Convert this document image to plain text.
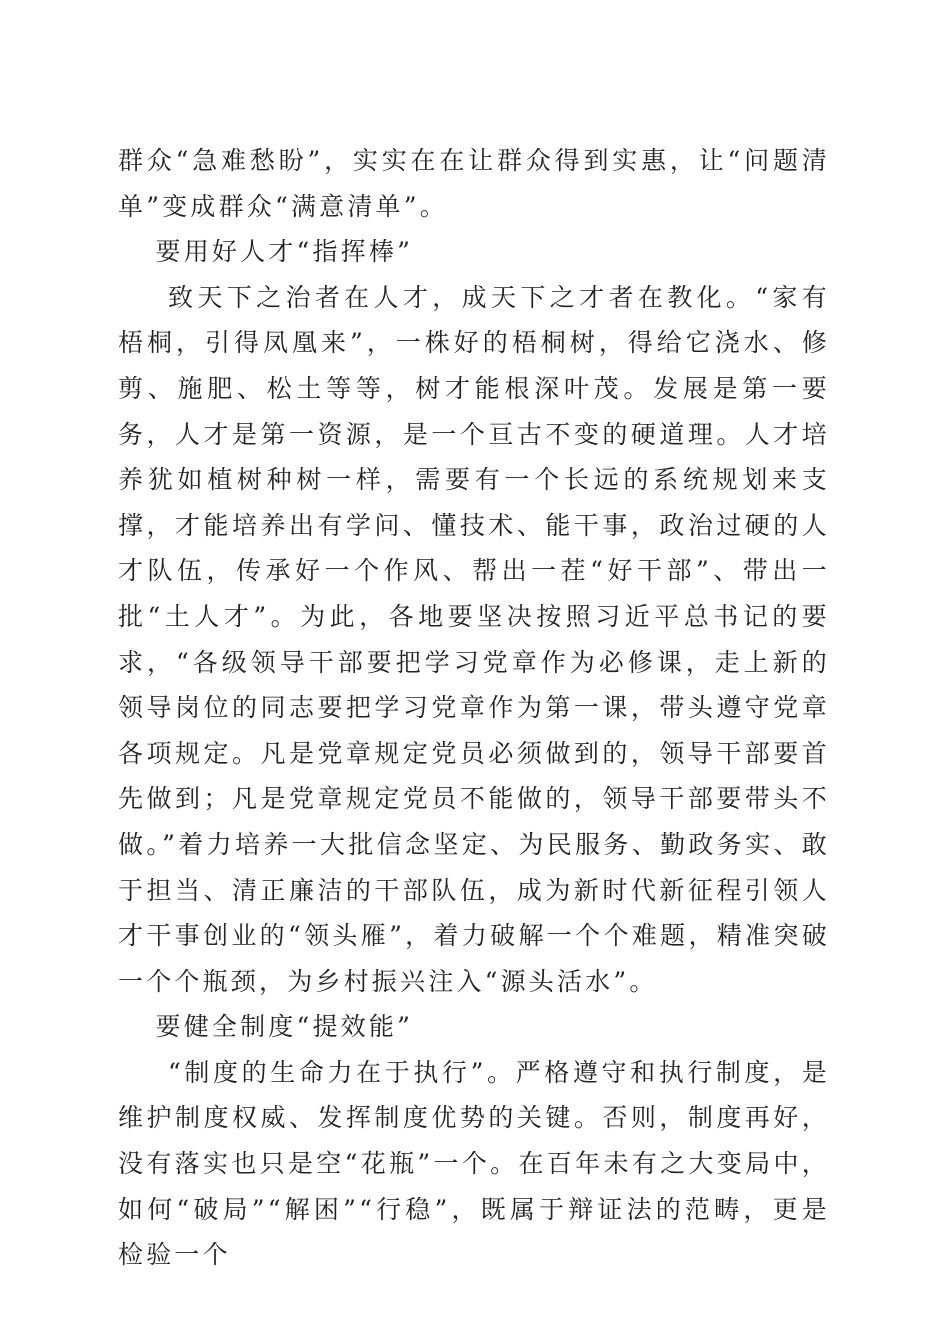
群众“急难愁盼”，实实在在让群众得到实惠，让“问题清单”变成群众“满意清单”。

要用好人才“指挥棒”

致天下之治者在人才，成天下之才者在教化。“家有梧桐，引得凤凰来”，一株好的梧桐树，得给它浇水、修剪、施肥、松土等等，树才能根深叶茂。发展是第一要务，人才是第一资源，是一个亘古不变的硬道理。人才培养犹如植树种树一样，需要有一个长远的系统规划来支撑，才能培养出有学问、懂技术、能干事，政治过硬的人才队伍，传承好一个作风、帮出一茬“好干部”、带出一批“土人才”。为此，各地要坚决按照习近平总书记的要求，“各级领导干部要把学习党章作为必修课，走上新的领导岗位的同志要把学习党章作为第一课，带头遵守党章各项规定。凡是党章规定党员必须做到的，领导干部要首先做到；凡是党章规定党员不能做的，领导干部要带头不做。”着力培养一大批信念坚定、为民服务、勤政务实、敢于担当、清正廉洁的干部队伍，成为新时代新征程引领人才干事创业的“领头雁”，着力破解一个个难题，精准突破一个个瓶颈，为乡村振兴注入“源头活水”。

要健全制度“提效能”

“制度的生命力在于执行”。严格遵守和执行制度，是维护制度权威、发挥制度优势的关键。否则，制度再好，没有落实也只是空“花瓶”一个。在百年未有之大变局中，如何“破局”“解困”“行稳”，既属于辩证法的范畴，更是检验一个
